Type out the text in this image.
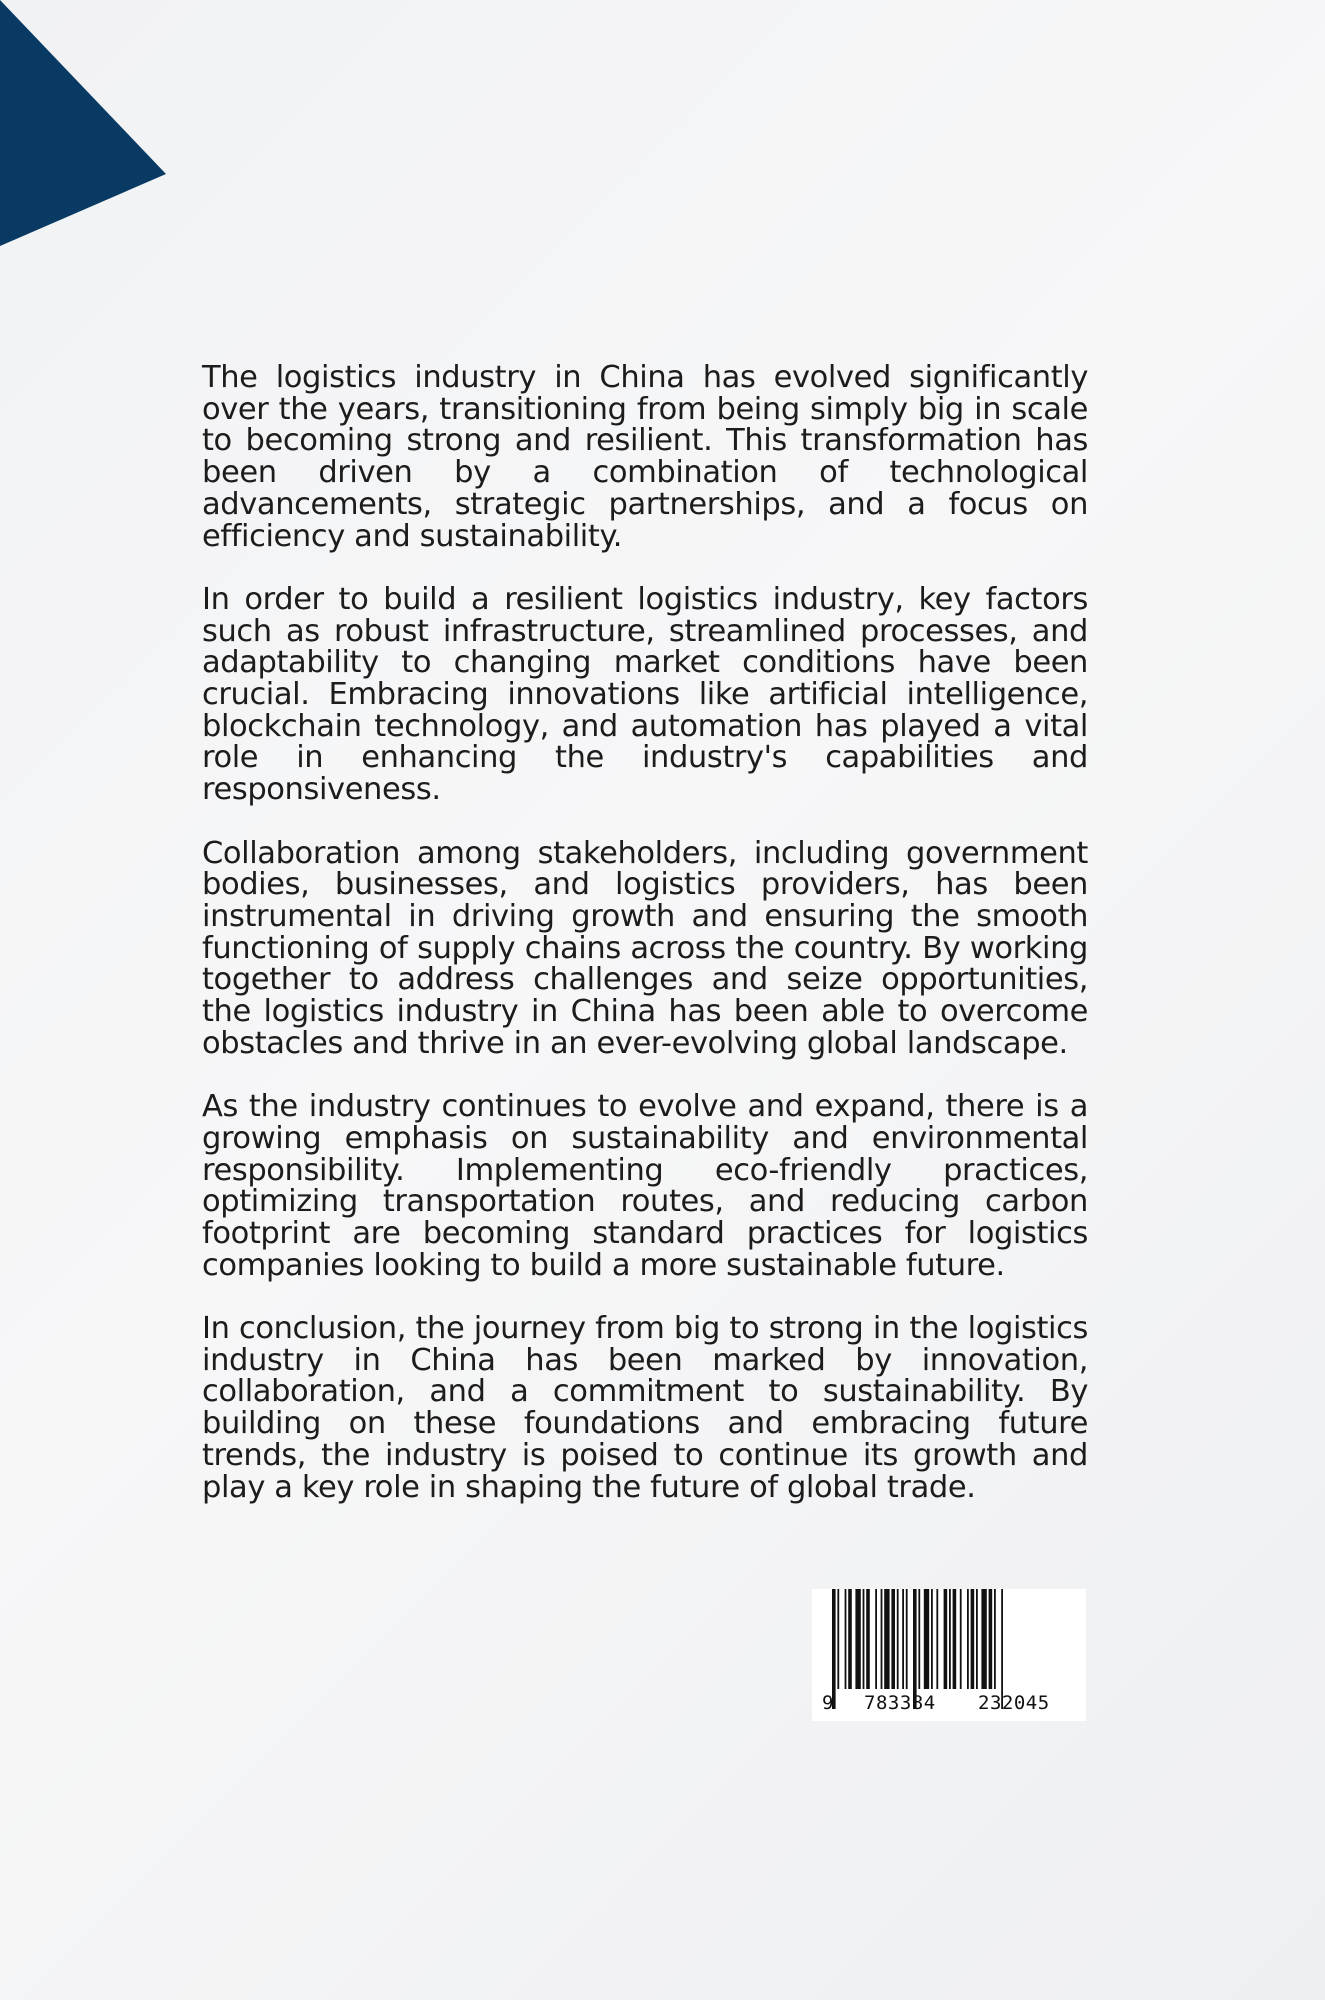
The logistics industry in China has evolved significantly over the years, transitioning from being simply big in scale to becoming strong and resilient. This transformation has been driven by a combination of technological advancements, strategic partnerships, and a focus on efficiency and sustainability.

In order to build a resilient logistics industry, key factors such as robust infrastructure, streamlined processes, and adaptability to changing market conditions have been crucial. Embracing innovations like artificial intelligence, blockchain technology, and automation has played a vital role in enhancing the industry's capabilities and responsiveness.

Collaboration among stakeholders, including government bodies, businesses, and logistics providers, has been instrumental in driving growth and ensuring the smooth functioning of supply chains across the country. By working together to address challenges and seize opportunities, the logistics industry in China has been able to overcome obstacles and thrive in an ever-evolving global landscape.

As the industry continues to evolve and expand, there is a growing emphasis on sustainability and environmental responsibility. Implementing eco-friendly practices, optimizing transportation routes, and reducing carbon footprint are becoming standard practices for logistics companies looking to build a more sustainable future.

In conclusion, the journey from big to strong in the logistics industry in China has been marked by innovation, collaboration, and a commitment to sustainability. By building on these foundations and embracing future trends, the industry is poised to continue its growth and play a key role in shaping the future of global trade.

9 783384 232045
